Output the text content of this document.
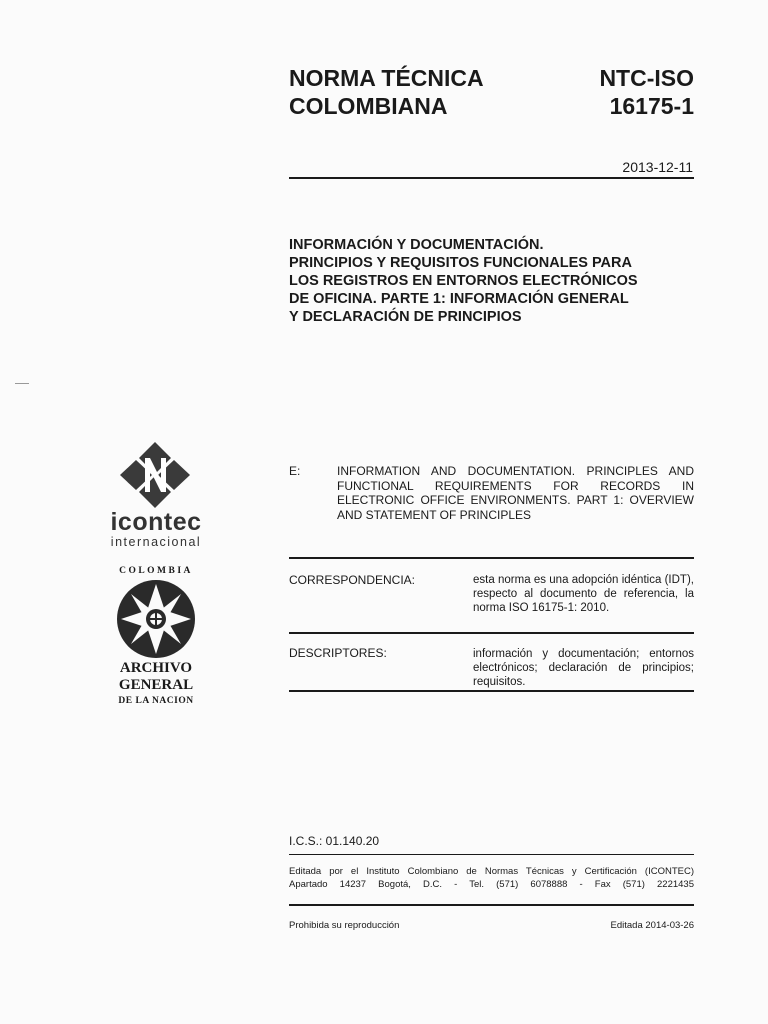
NORMA TÉCNICA
COLOMBIANA
NTC-ISO
16175-1
2013-12-11
INFORMACIÓN Y DOCUMENTACIÓN.
PRINCIPIOS Y REQUISITOS FUNCIONALES PARA
LOS REGISTROS EN ENTORNOS ELECTRÓNICOS
DE OFICINA. PARTE 1: INFORMACIÓN GENERAL
Y DECLARACIÓN DE PRINCIPIOS
E:	INFORMATION AND DOCUMENTATION. PRINCIPLES AND FUNCTIONAL REQUIREMENTS FOR RECORDS IN ELECTRONIC OFFICE ENVIRONMENTS. PART 1: OVERVIEW AND STATEMENT OF PRINCIPLES
CORRESPONDENCIA:	esta norma es una adopción idéntica (IDT), respecto al documento de referencia, la norma ISO 16175-1: 2010.
DESCRIPTORES:	información y documentación; entornos electrónicos; declaración de principios; requisitos.
I.C.S.: 01.140.20
Editada por el Instituto Colombiano de Normas Técnicas y Certificación (ICONTEC)
Apartado 14237 Bogotá, D.C. - Tel. (571) 6078888 - Fax (571) 2221435
Prohibida su reproducción	Editada 2014-03-26
icontec
internacional
COLOMBIA
ARCHIVO
GENERAL
DE LA NACION
